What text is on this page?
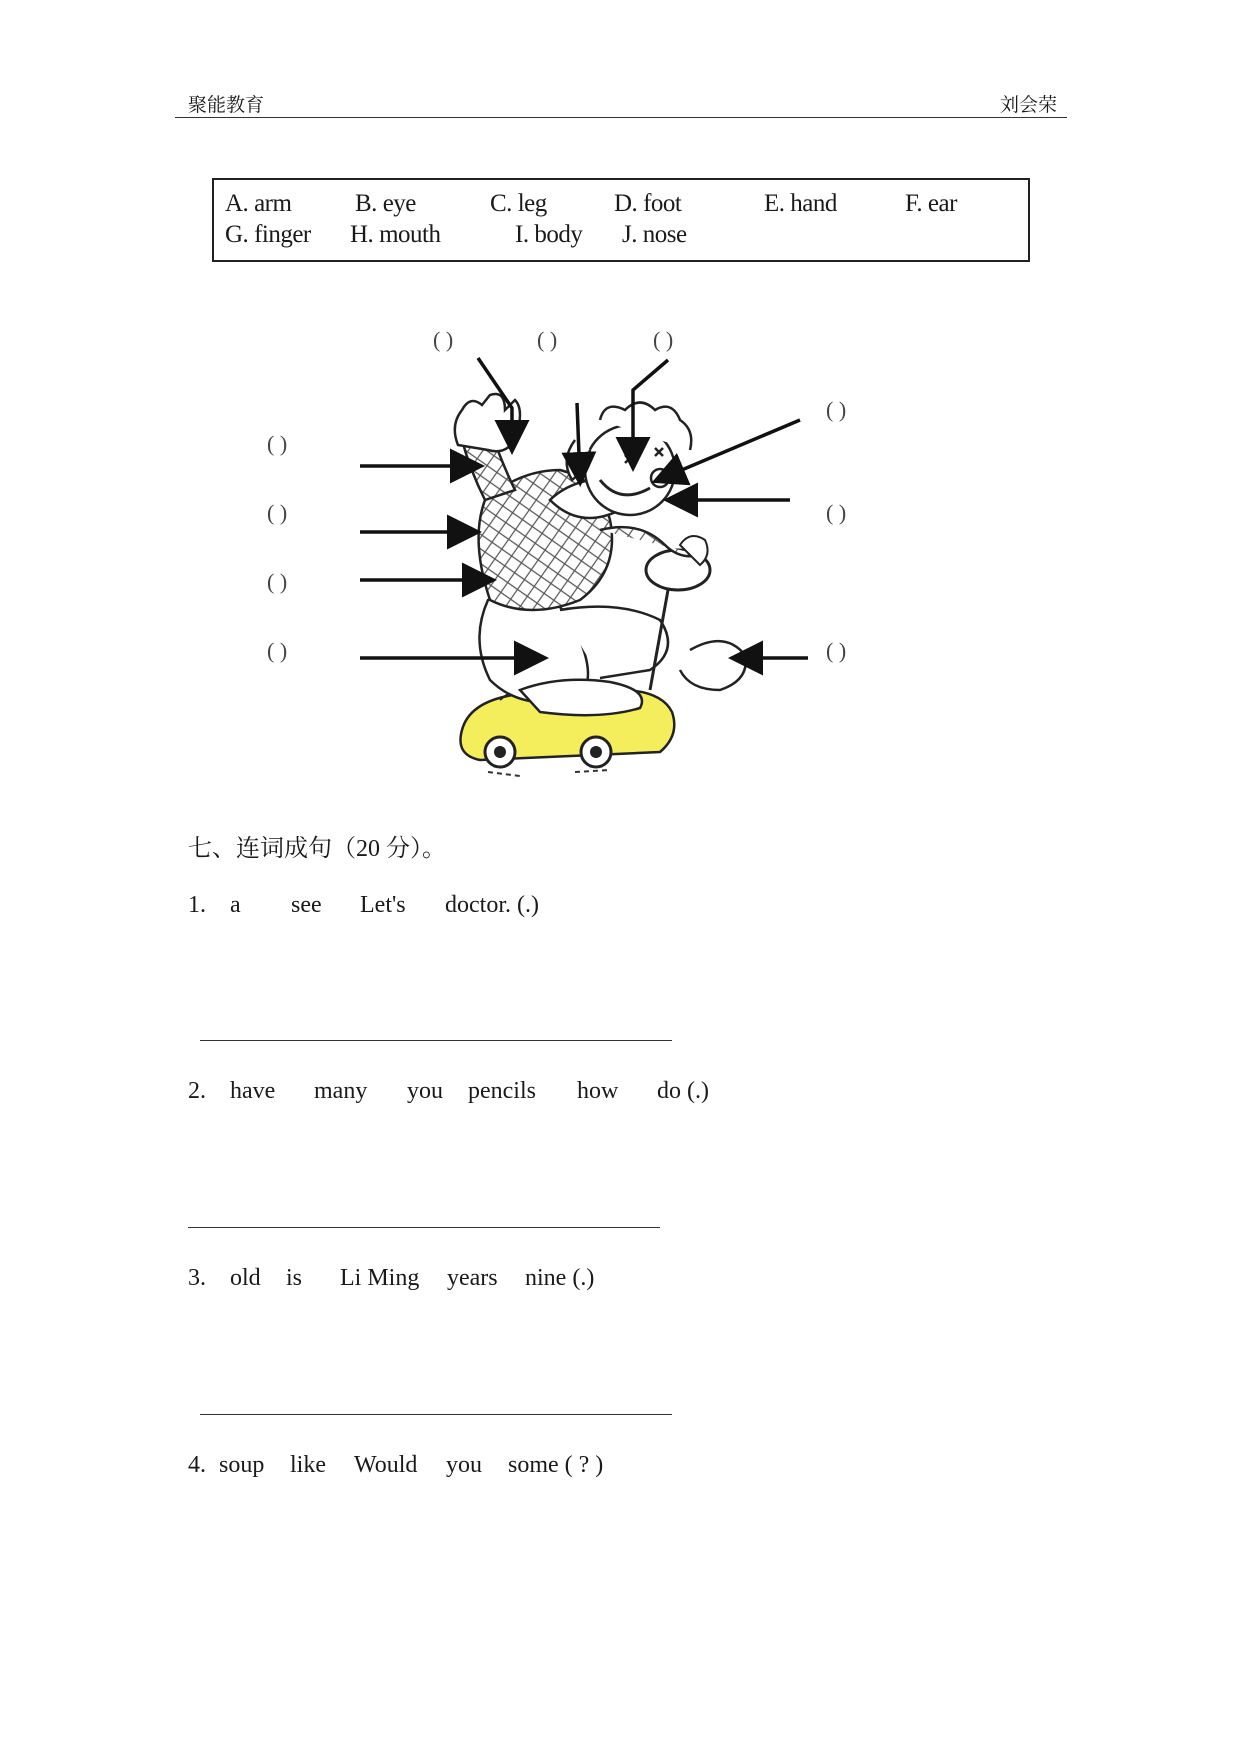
聚能教育	刘会荣
A. arm	B. eye	C. leg	D. foot	E. hand	F. ear
G. finger H. mouth	I. body J. nose
( )	( )	( )
( )
( )
( )	( )
( )
( )	( )
七、连词成句（20 分）。
1. a see Let's doctor. (.)
2. have many you pencils how do (.)
3. old is Li Ming years nine (.)
4. soup like Would you some ( ? )
